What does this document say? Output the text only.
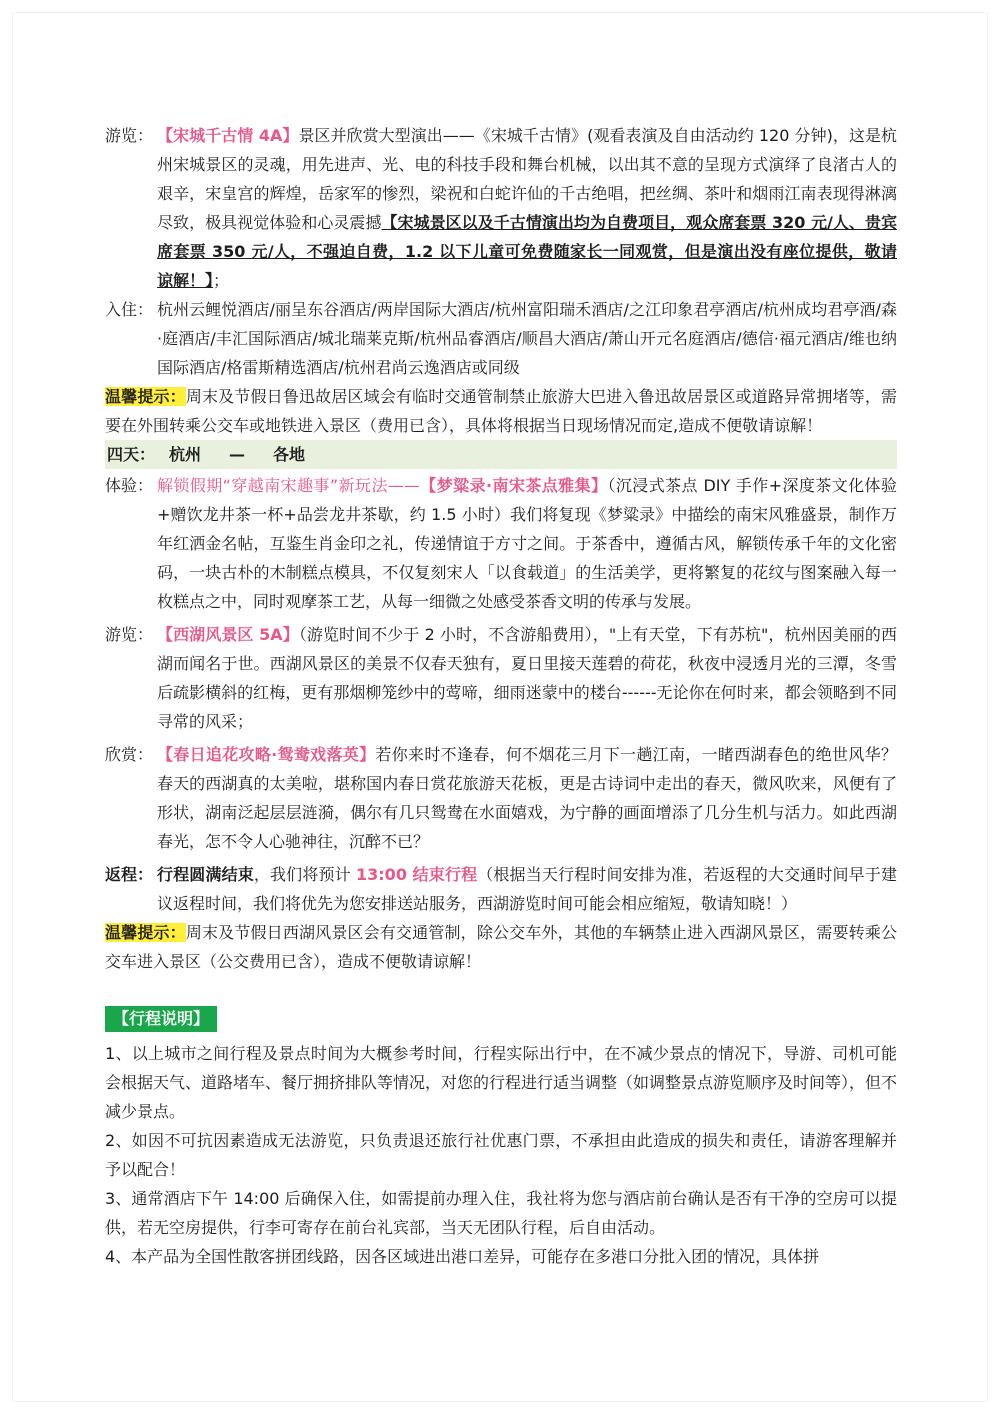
游览： 【宋城千古情 4A】景区并欣赏大型演出——《宋城千古情》(观看表演及自由活动约 120 分钟)，这是杭州宋城景区的灵魂，用先进声、光、电的科技手段和舞台机械，以出其不意的呈现方式演绎了良渚古人的艰辛，宋皇宫的辉煌，岳家军的惨烈，梁祝和白蛇许仙的千古绝唱，把丝绸、茶叶和烟雨江南表现得淋漓尽致，极具视觉体验和心灵震撼【宋城景区以及千古情演出均为自费项目，观众席套票 320 元/人、贵宾席套票 350 元/人，不强迫自费，1.2 以下儿童可免费随家长一同观赏，但是演出没有座位提供，敬请谅解！】；
入住： 杭州云鲤悦酒店/丽呈东谷酒店/两岸国际大酒店/杭州富阳瑞禾酒店/之江印象君亭酒店/杭州成均君亭酒/森·庭酒店/丰汇国际酒店/城北瑞莱克斯/杭州品睿酒店/顺昌大酒店/萧山开元名庭酒店/德信·福元酒店/维也纳国际酒店/格雷斯精选酒店/杭州君尚云逸酒店或同级
温馨提示：周末及节假日鲁迅故居区域会有临时交通管制禁止旅游大巴进入鲁迅故居景区或道路异常拥堵等，需要在外围转乘公交车或地铁进入景区（费用已含），具体将根据当日现场情况而定,造成不便敬请谅解！
四天： 杭州 — 各地
体验： 解锁假期“穿越南宋趣事”新玩法——【梦粱录·南宋茶点雅集】（沉浸式茶点 DIY 手作+深度茶文化体验+赠饮龙井茶一杯+品尝龙井茶歇，约 1.5 小时）我们将复现《梦粱录》中描绘的南宋风雅盛景，制作万年红洒金名帖，互鉴生肖金印之礼，传递情谊于方寸之间。于茶香中，遵循古风，解锁传承千年的文化密码，一块古朴的木制糕点模具，不仅复刻宋人「以食载道」的生活美学，更将繁复的花纹与图案融入每一枚糕点之中，同时观摩茶工艺，从每一细微之处感受茶香文明的传承与发展。
游览： 【西湖风景区 5A】（游览时间不少于 2 小时，不含游船费用），"上有天堂，下有苏杭"，杭州因美丽的西湖而闻名于世。西湖风景区的美景不仅春天独有，夏日里接天莲碧的荷花，秋夜中浸透月光的三潭，冬雪后疏影横斜的红梅，更有那烟柳笼纱中的莺啼，细雨迷蒙中的楼台------无论你在何时来，都会领略到不同寻常的风采；
欣赏： 【春日追花攻略·鸳鸯戏落英】若你来时不逢春，何不烟花三月下一趟江南，一睹西湖春色的绝世风华？春天的西湖真的太美啦，堪称国内春日赏花旅游天花板，更是古诗词中走出的春天，微风吹来，风便有了形状，湖南泛起层层涟漪，偶尔有几只鸳鸯在水面嬉戏，为宁静的画面增添了几分生机与活力。如此西湖春光，怎不令人心驰神往，沉醉不已？
返程： 行程圆满结束，我们将预计 13:00 结束行程（根据当天行程时间安排为准，若返程的大交通时间早于建议返程时间，我们将优先为您安排送站服务，西湖游览时间可能会相应缩短，敬请知晓！）
温馨提示：周末及节假日西湖风景区会有交通管制，除公交车外，其他的车辆禁止进入西湖风景区，需要转乘公交车进入景区（公交费用已含），造成不便敬请谅解！
【行程说明】
1、以上城市之间行程及景点时间为大概参考时间，行程实际出行中，在不减少景点的情况下，导游、司机可能会根据天气、道路堵车、餐厅拥挤排队等情况，对您的行程进行适当调整（如调整景点游览顺序及时间等），但不减少景点。
2、如因不可抗因素造成无法游览，只负责退还旅行社优惠门票，不承担由此造成的损失和责任，请游客理解并予以配合！
3、通常酒店下午 14:00 后确保入住，如需提前办理入住，我社将为您与酒店前台确认是否有干净的空房可以提供，若无空房提供，行李可寄存在前台礼宾部，当天无团队行程，后自由活动。
4、本产品为全国性散客拼团线路，因各区域进出港口差异，可能存在多港口分批入团的情况，具体拼
